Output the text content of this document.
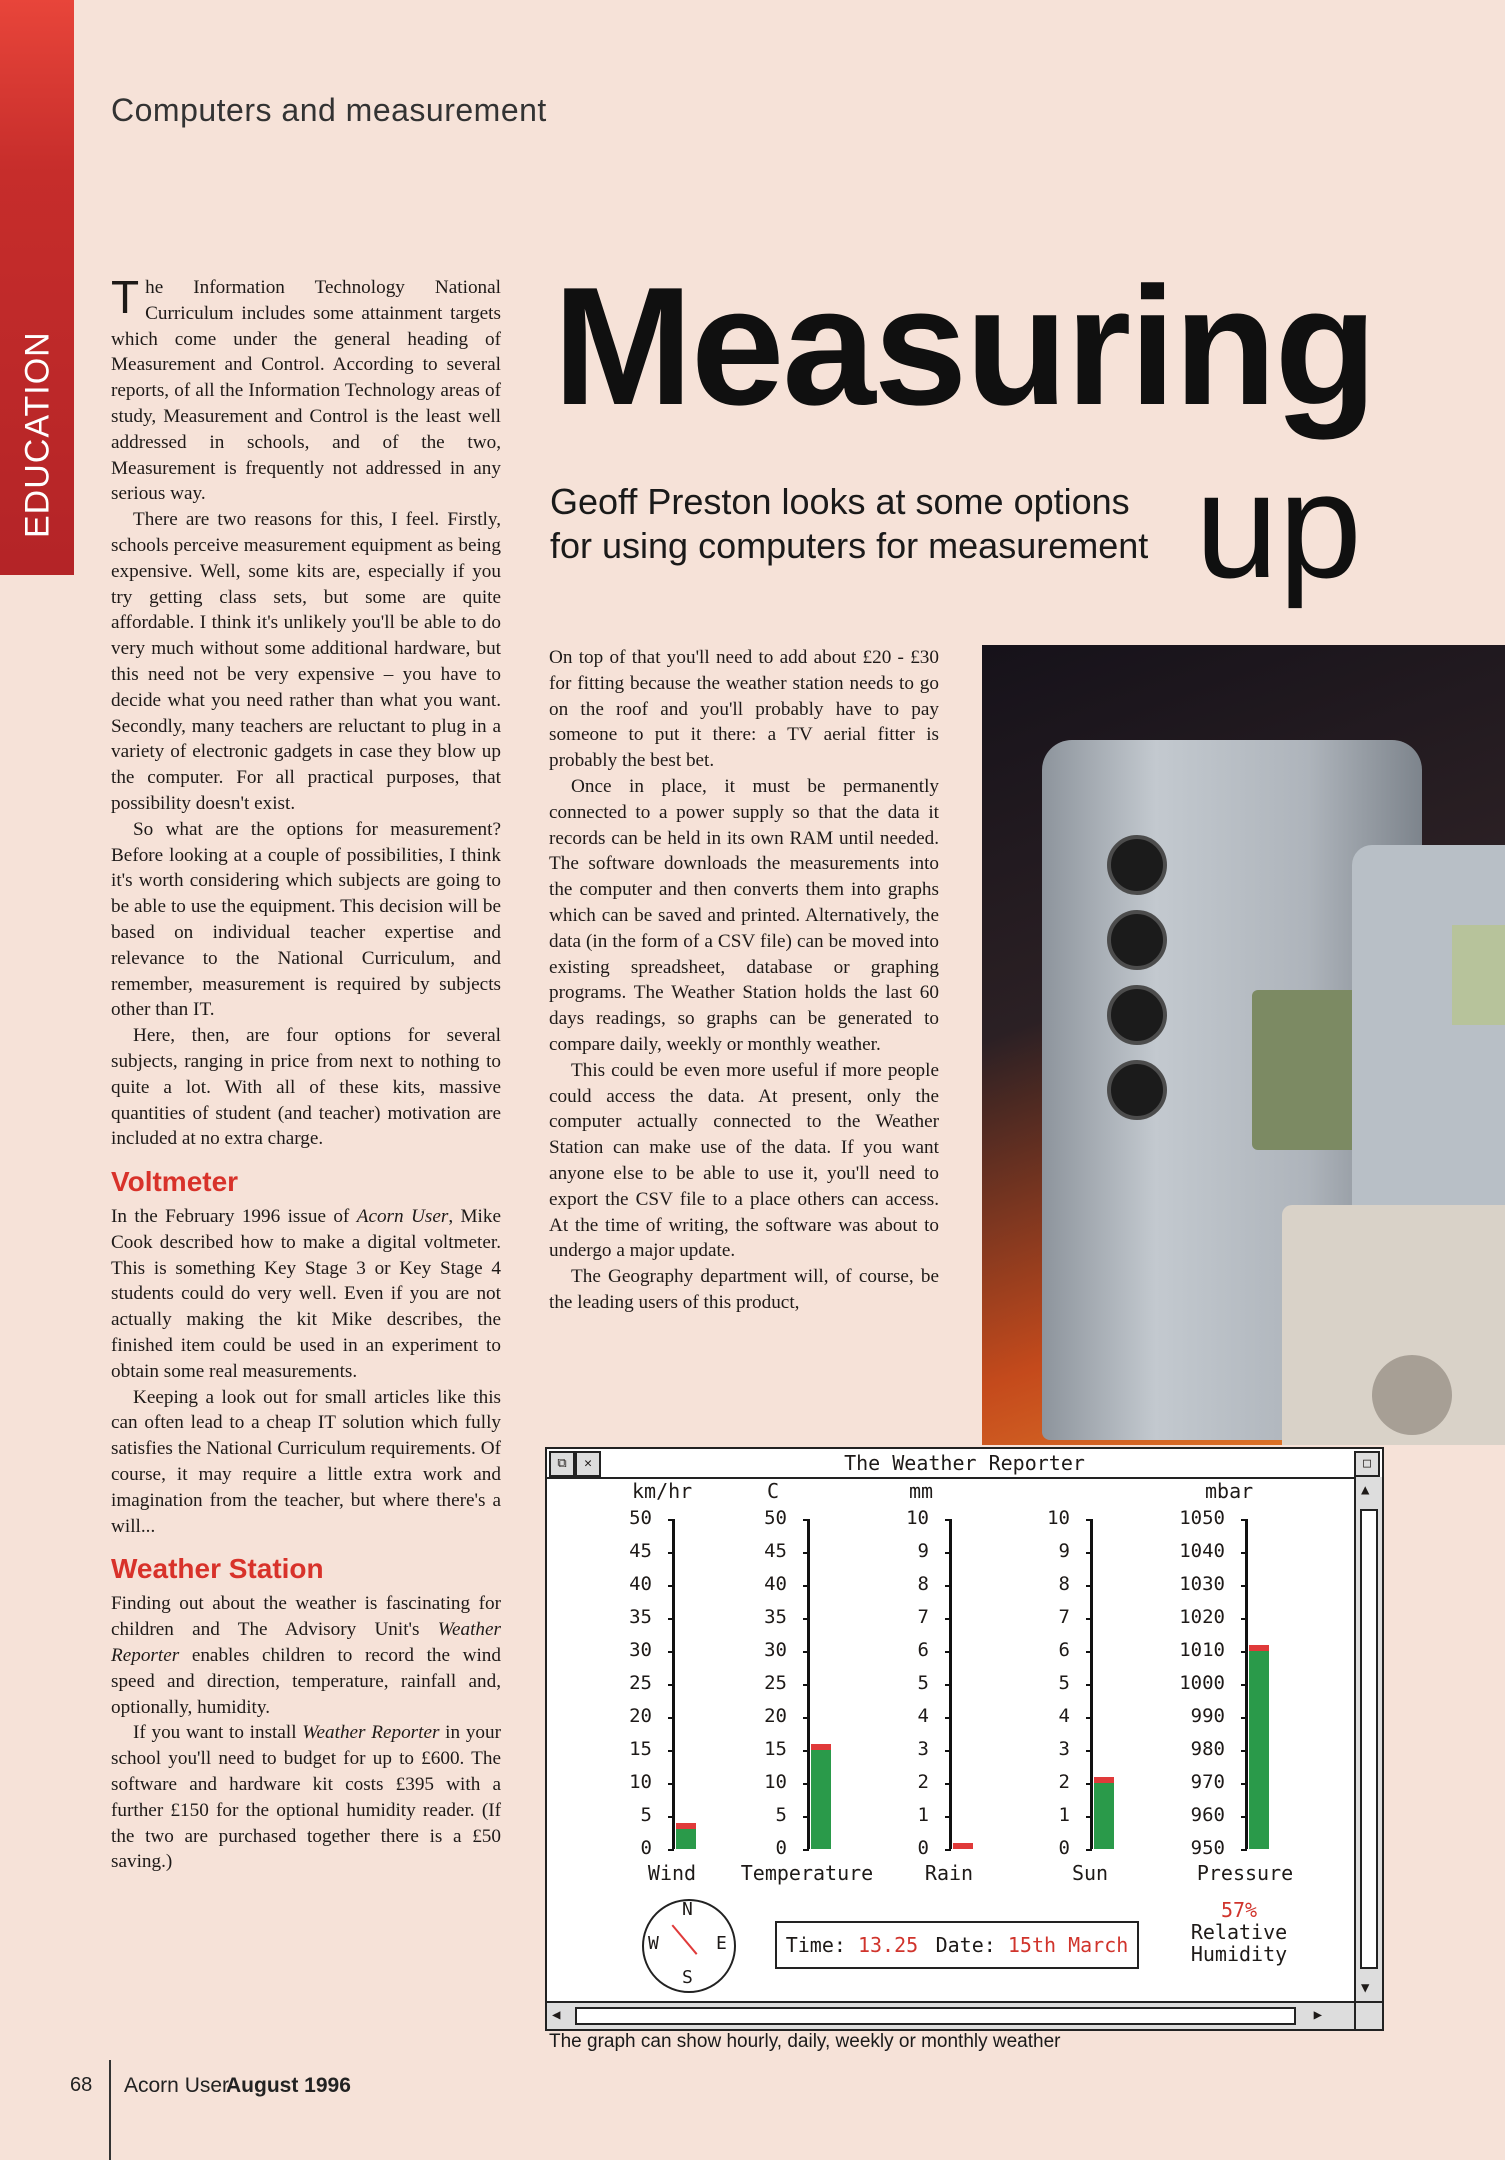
EDUCATION
Computers and measurement
Measuring
up
Geoff Preston looks at some options for using computers for measurement

The Information Technology National Curriculum includes some attainment targets which come under the general heading of Measurement and Control. According to several reports, of all the Information Technology areas of study, Measurement and Control is the least well addressed in schools, and of the two, Measurement is frequently not addressed in any serious way.

There are two reasons for this, I feel. Firstly, schools perceive measurement equipment as being expensive. Well, some kits are, especially if you try getting class sets, but some are quite affordable. I think it's unlikely you'll be able to do very much without some additional hardware, but this need not be very expensive – you have to decide what you need rather than what you want. Secondly, many teachers are reluctant to plug in a variety of electronic gadgets in case they blow up the computer. For all practical purposes, that possibility doesn't exist.

So what are the options for measurement? Before looking at a couple of possibilities, I think it's worth considering which subjects are going to be able to use the equipment. This decision will be based on individual teacher expertise and relevance to the National Curriculum, and remember, measurement is required by subjects other than IT.

Here, then, are four options for several subjects, ranging in price from next to nothing to quite a lot. With all of these kits, massive quantities of student (and teacher) motivation are included at no extra charge.

Voltmeter

In the February 1996 issue of Acorn User, Mike Cook described how to make a digital voltmeter. This is something Key Stage 3 or Key Stage 4 students could do very well. Even if you are not actually making the kit Mike describes, the finished item could be used in an experiment to obtain some real measurements.

Keeping a look out for small articles like this can often lead to a cheap IT solution which fully satisfies the National Curriculum requirements. Of course, it may require a little extra work and imagination from the teacher, but where there's a will...

Weather Station

Finding out about the weather is fascinating for children and The Advisory Unit's Weather Reporter enables children to record the wind speed and direction, temperature, rainfall and, optionally, humidity.

If you want to install Weather Reporter in your school you'll need to budget for up to £600. The software and hardware kit costs £395 with a further £150 for the optional humidity reader. (If the two are purchased together there is a £50 saving.)

On top of that you'll need to add about £20 - £30 for fitting because the weather station needs to go on the roof and you'll probably have to pay someone to put it there: a TV aerial fitter is probably the best bet.

Once in place, it must be permanently connected to a power supply so that the data it records can be held in its own RAM until needed. The software downloads the measurements into the computer and then converts them into graphs which can be saved and printed. Alternatively, the data (in the form of a CSV file) can be moved into existing spreadsheet, database or graphing programs. The Weather Station holds the last 60 days readings, so graphs can be generated to compare daily, weekly or monthly weather.

This could be even more useful if more people could access the data. At present, only the computer actually connected to the Weather Station can make use of the data. If you want anyone else to be able to use it, you'll need to export the CSV file to a place others can access. At the time of writing, the software was about to undergo a major update.

The Geography department will, of course, be the leading users of this product,

The Weather Reporter
⧉	✕	□
▲
▼
◀	▶
km/hr
50
45
40
35
30
25
20
15
10
5
0
Wind
C
50
45
40
35
30
25
20
15
10
5
0
Temperature
mm
10
9
8
7
6
5
4
3
2
1
0
Rain
10
9
8
7
6
5
4
3
2
1
0
Sun
mbar
1050
1040
1030
1020
1010
1000
990
980
970
960
950
Pressure
N
S
E
W	Time: 13.25 Date: 15th March
57%
Relative
Humidity
The graph can show hourly, daily, weekly or monthly weather
68 Acorn User
August 1996
